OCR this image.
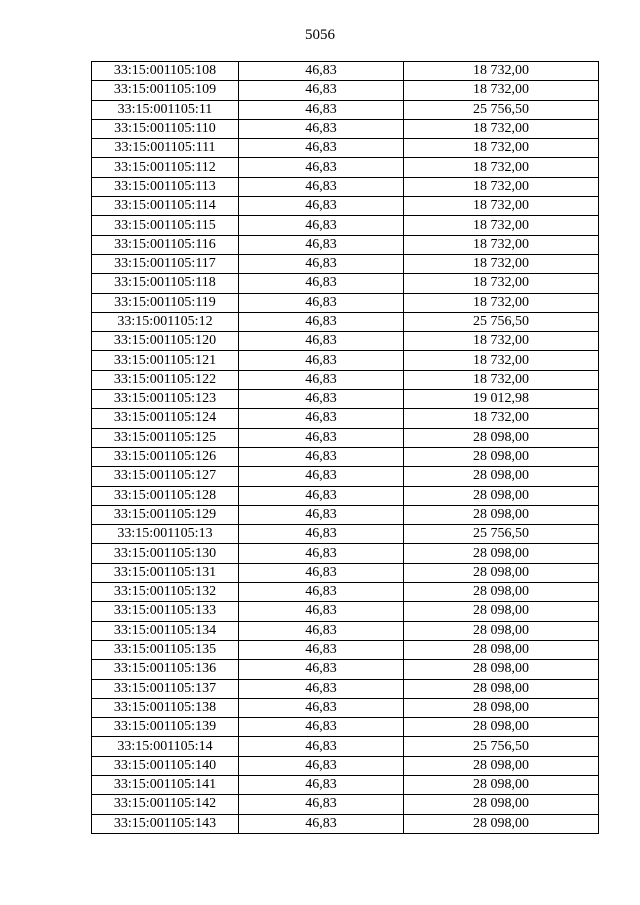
5056
33:15:001105:108	46,83	18 732,00
33:15:001105:109	46,83	18 732,00
33:15:001105:11	46,83	25 756,50
33:15:001105:110	46,83	18 732,00
33:15:001105:111	46,83	18 732,00
33:15:001105:112	46,83	18 732,00
33:15:001105:113	46,83	18 732,00
33:15:001105:114	46,83	18 732,00
33:15:001105:115	46,83	18 732,00
33:15:001105:116	46,83	18 732,00
33:15:001105:117	46,83	18 732,00
33:15:001105:118	46,83	18 732,00
33:15:001105:119	46,83	18 732,00
33:15:001105:12	46,83	25 756,50
33:15:001105:120	46,83	18 732,00
33:15:001105:121	46,83	18 732,00
33:15:001105:122	46,83	18 732,00
33:15:001105:123	46,83	19 012,98
33:15:001105:124	46,83	18 732,00
33:15:001105:125	46,83	28 098,00
33:15:001105:126	46,83	28 098,00
33:15:001105:127	46,83	28 098,00
33:15:001105:128	46,83	28 098,00
33:15:001105:129	46,83	28 098,00
33:15:001105:13	46,83	25 756,50
33:15:001105:130	46,83	28 098,00
33:15:001105:131	46,83	28 098,00
33:15:001105:132	46,83	28 098,00
33:15:001105:133	46,83	28 098,00
33:15:001105:134	46,83	28 098,00
33:15:001105:135	46,83	28 098,00
33:15:001105:136	46,83	28 098,00
33:15:001105:137	46,83	28 098,00
33:15:001105:138	46,83	28 098,00
33:15:001105:139	46,83	28 098,00
33:15:001105:14	46,83	25 756,50
33:15:001105:140	46,83	28 098,00
33:15:001105:141	46,83	28 098,00
33:15:001105:142	46,83	28 098,00
33:15:001105:143	46,83	28 098,00
